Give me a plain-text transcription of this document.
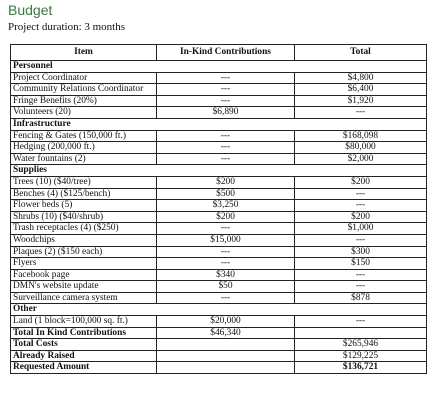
Budget
Project duration: 3 months
Item	In-Kind Contributions	Total
Personnel		
Project Coordinator	---	$4,800
Community Relations Coordinator	---	$6,400
Fringe Benefits (20%)	---	$1,920
Volunteers (20)	$6,890	---
Infrastructure		
Fencing & Gates (150,000 ft.)	---	$168,098
Hedging (200,000 ft.)	---	$80,000
Water fountains (2)	---	$2,000
Supplies		
Trees (10) ($40/tree)	$200	$200
Benches (4) ($125/bench)	$500	---
Flower beds (5)	$3,250	---
Shrubs (10) ($40/shrub)	$200	$200
Trash receptacles (4) ($250)	---	$1,000
Woodchips	$15,000	---
Plaques (2) ($150 each)	---	$300
Flyers	---	$150
Facebook page	$340	---
DMN's website update	$50	---
Surveillance camera system	---	$878
Other		
Land (1 block=100,000 sq. ft.)	$20,000	---
Total In Kind Contributions	$46,340	
Total Costs		$265,946
Already Raised		$129,225
Requested Amount		$136,721
